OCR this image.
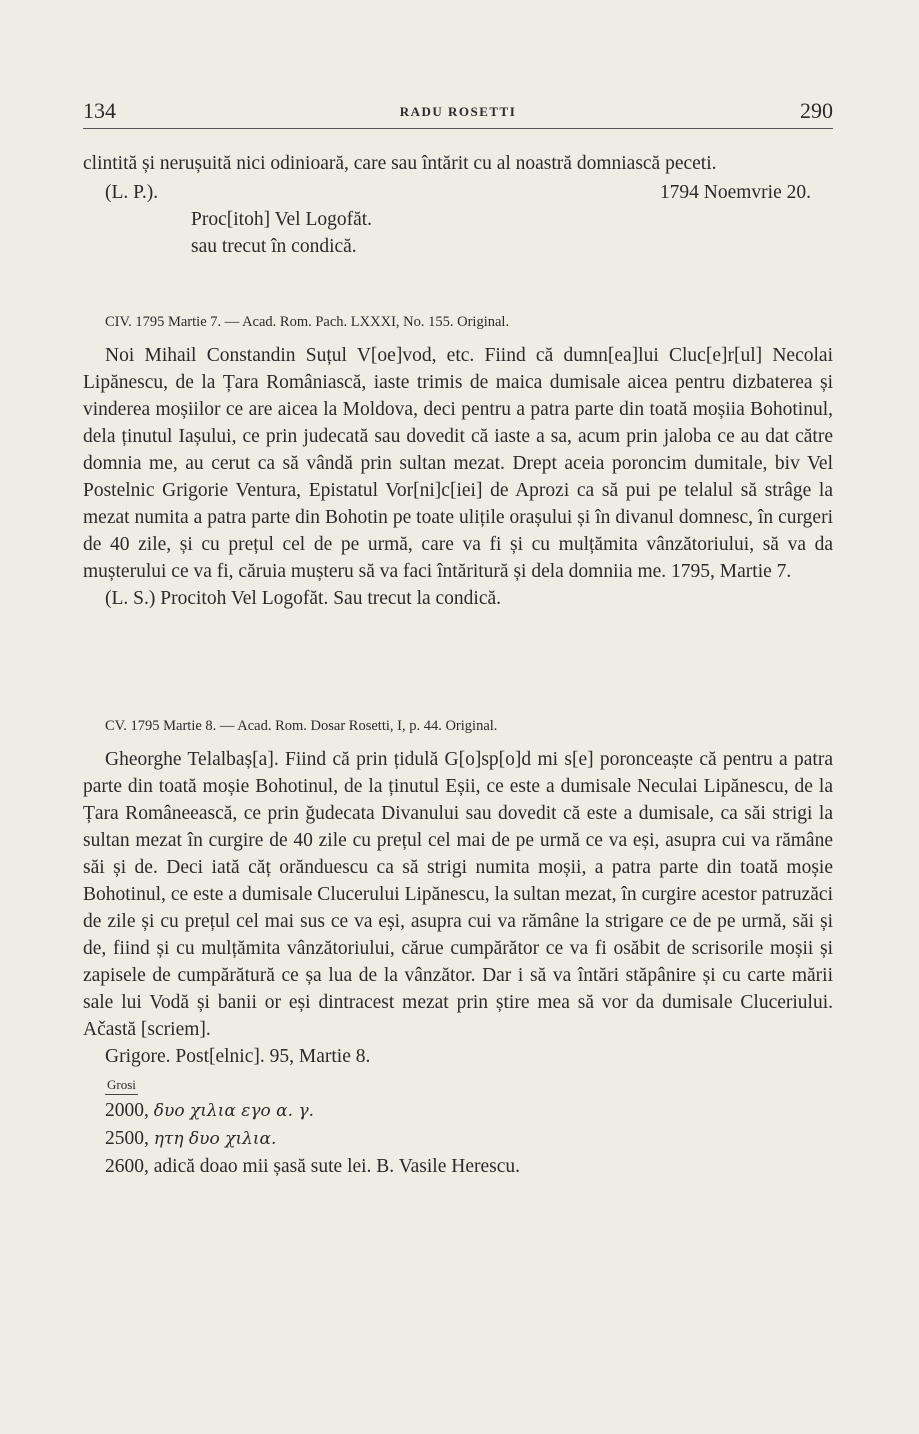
134	RADU ROSETTI	290

clintită și nerușuită nici odinioară, care sau întărit cu al noastră domniască peceti.

(L. P.).	1794 Noemvrie 20.

Proc[itoh] Vel Logofăt.

sau trecut în condică.

CIV. 1795 Martie 7. — Acad. Rom. Pach. LXXXI, No. 155. Original.

Noi Mihail Constandin Suțul V[oe]vod, etc. Fiind că dumn[ea]lui Cluc[e]r[ul] Necolai Lipănescu, de la Țara Româniască, iaste trimis de maica dumisale aicea pentru dizbaterea și vinderea moșiilor ce are aicea la Moldova, deci pentru a patra parte din toată moșiia Bohotinul, dela ținutul Iașului, ce prin judecată sau dovedit că iaste a sa, acum prin jaloba ce au dat către domnia me, au cerut ca să vândă prin sultan mezat. Drept aceia poroncim dumitale, biv Vel Postelnic Grigorie Ventura, Epistatul Vor[ni]c[iei] de Aprozi ca să pui pe telalul să strâge la mezat numita a patra parte din Bohotin pe toate ulițile orașului și în divanul domnesc, în curgeri de 40 zile, și cu prețul cel de pe urmă, care va fi și cu mulțămita vânzătoriului, să va da mușterului ce va fi, căruia mușteru să va faci întăritură și dela domniia me. 1795, Martie 7.

(L. S.) Procitoh Vel Logofăt. Sau trecut la condică.

CV. 1795 Martie 8. — Acad. Rom. Dosar Rosetti, I, p. 44. Original.

Gheorghe Telalbaș[a]. Fiind că prin țidulă G[o]sp[o]d mi s[e] poronceaște că pentru a patra parte din toată moșie Bohotinul, de la ținutul Eșii, ce este a dumisale Neculai Lipănescu, de la Țara Româneească, ce prin ğudecata Divanului sau dovedit că este a dumisale, ca săi strigi la sultan mezat în curgire de 40 zile cu prețul cel mai de pe urmă ce va eși, asupra cui va rămâne săi și de. Deci iată căț orănduescu ca să strigi numita moșii, a patra parte din toată moșie Bohotinul, ce este a dumisale Clucerului Lipănescu, la sultan mezat, în curgire acestor patruzăci de zile și cu prețul cel mai sus ce va eși, asupra cui va rămâne la strigare ce de pe urmă, săi și de, fiind și cu mulțămita vânzătoriului, cărue cumpărător ce va fi osăbit de scrisorile moșii și zapisele de cumpărătură ce șa lua de la vânzător. Dar i să va întări stăpânire și cu carte mării sale lui Vodă și banii or eși dintracest mezat prin știre mea să vor da dumisale Cluceriului. Ačastă [scriem].

Grigore. Post[elnic]. 95, Martie 8.

Grosi

2000, δυο χιλια εγο α. γ.

2500, ητη δυο χιλια.

2600, adică doao mii șasă sute lei. B. Vasile Herescu.
